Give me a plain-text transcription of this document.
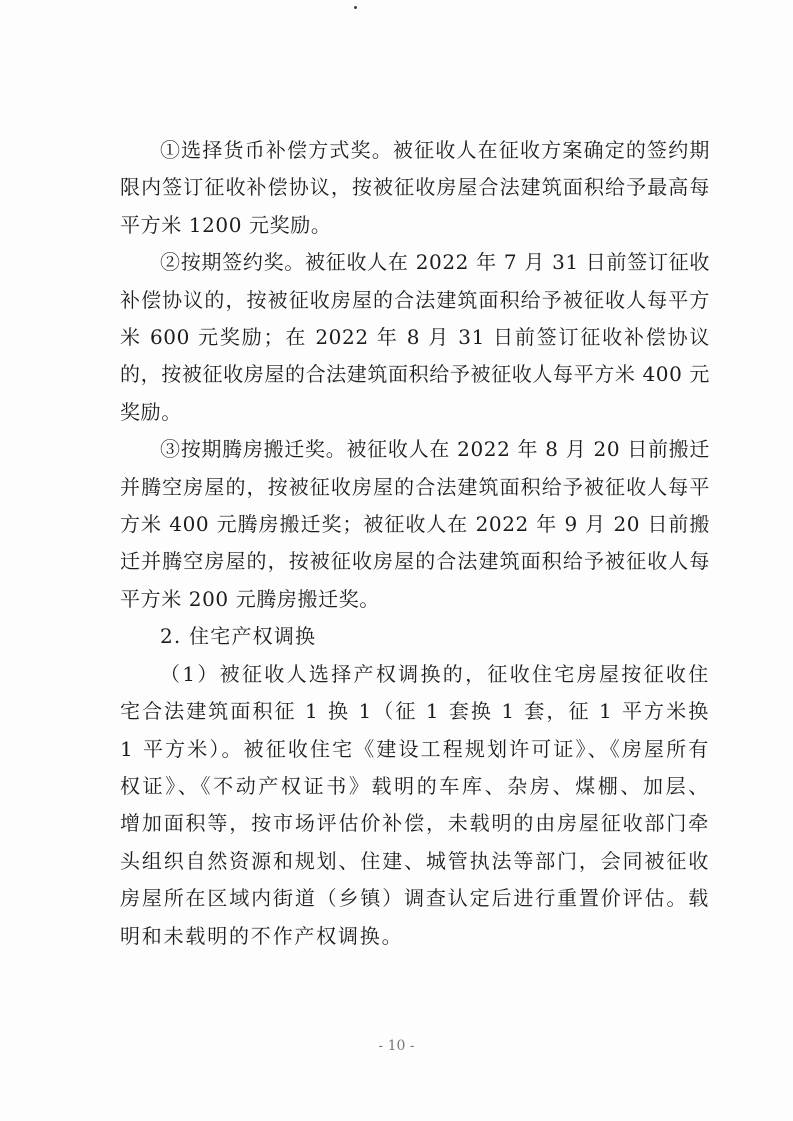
①选择货币补偿方式奖。被征收人在征收方案确定的签约期限内签订征收补偿协议，按被征收房屋合法建筑面积给予最高每平方米 1200 元奖励。

②按期签约奖。被征收人在 2022 年 7 月 31 日前签订征收补偿协议的，按被征收房屋的合法建筑面积给予被征收人每平方米 600 元奖励；在 2022 年 8 月 31 日前签订征收补偿协议的，按被征收房屋的合法建筑面积给予被征收人每平方米 400 元奖励。

③按期腾房搬迁奖。被征收人在 2022 年 8 月 20 日前搬迁并腾空房屋的，按被征收房屋的合法建筑面积给予被征收人每平方米 400 元腾房搬迁奖；被征收人在 2022 年 9 月 20 日前搬迁并腾空房屋的，按被征收房屋的合法建筑面积给予被征收人每平方米 200 元腾房搬迁奖。

2. 住宅产权调换

（1）被征收人选择产权调换的，征收住宅房屋按征收住宅合法建筑面积征 1 换 1（征 1 套换 1 套，征 1 平方米换 1 平方米）。被征收住宅《建设工程规划许可证》、《房屋所有权证》、《不动产权证书》载明的车库、杂房、煤棚、加层、增加面积等，按市场评估价补偿，未载明的由房屋征收部门牵头组织自然资源和规划、住建、城管执法等部门，会同被征收房屋所在区域内街道（乡镇）调查认定后进行重置价评估。载明和未载明的不作产权调换。

- 10 -
